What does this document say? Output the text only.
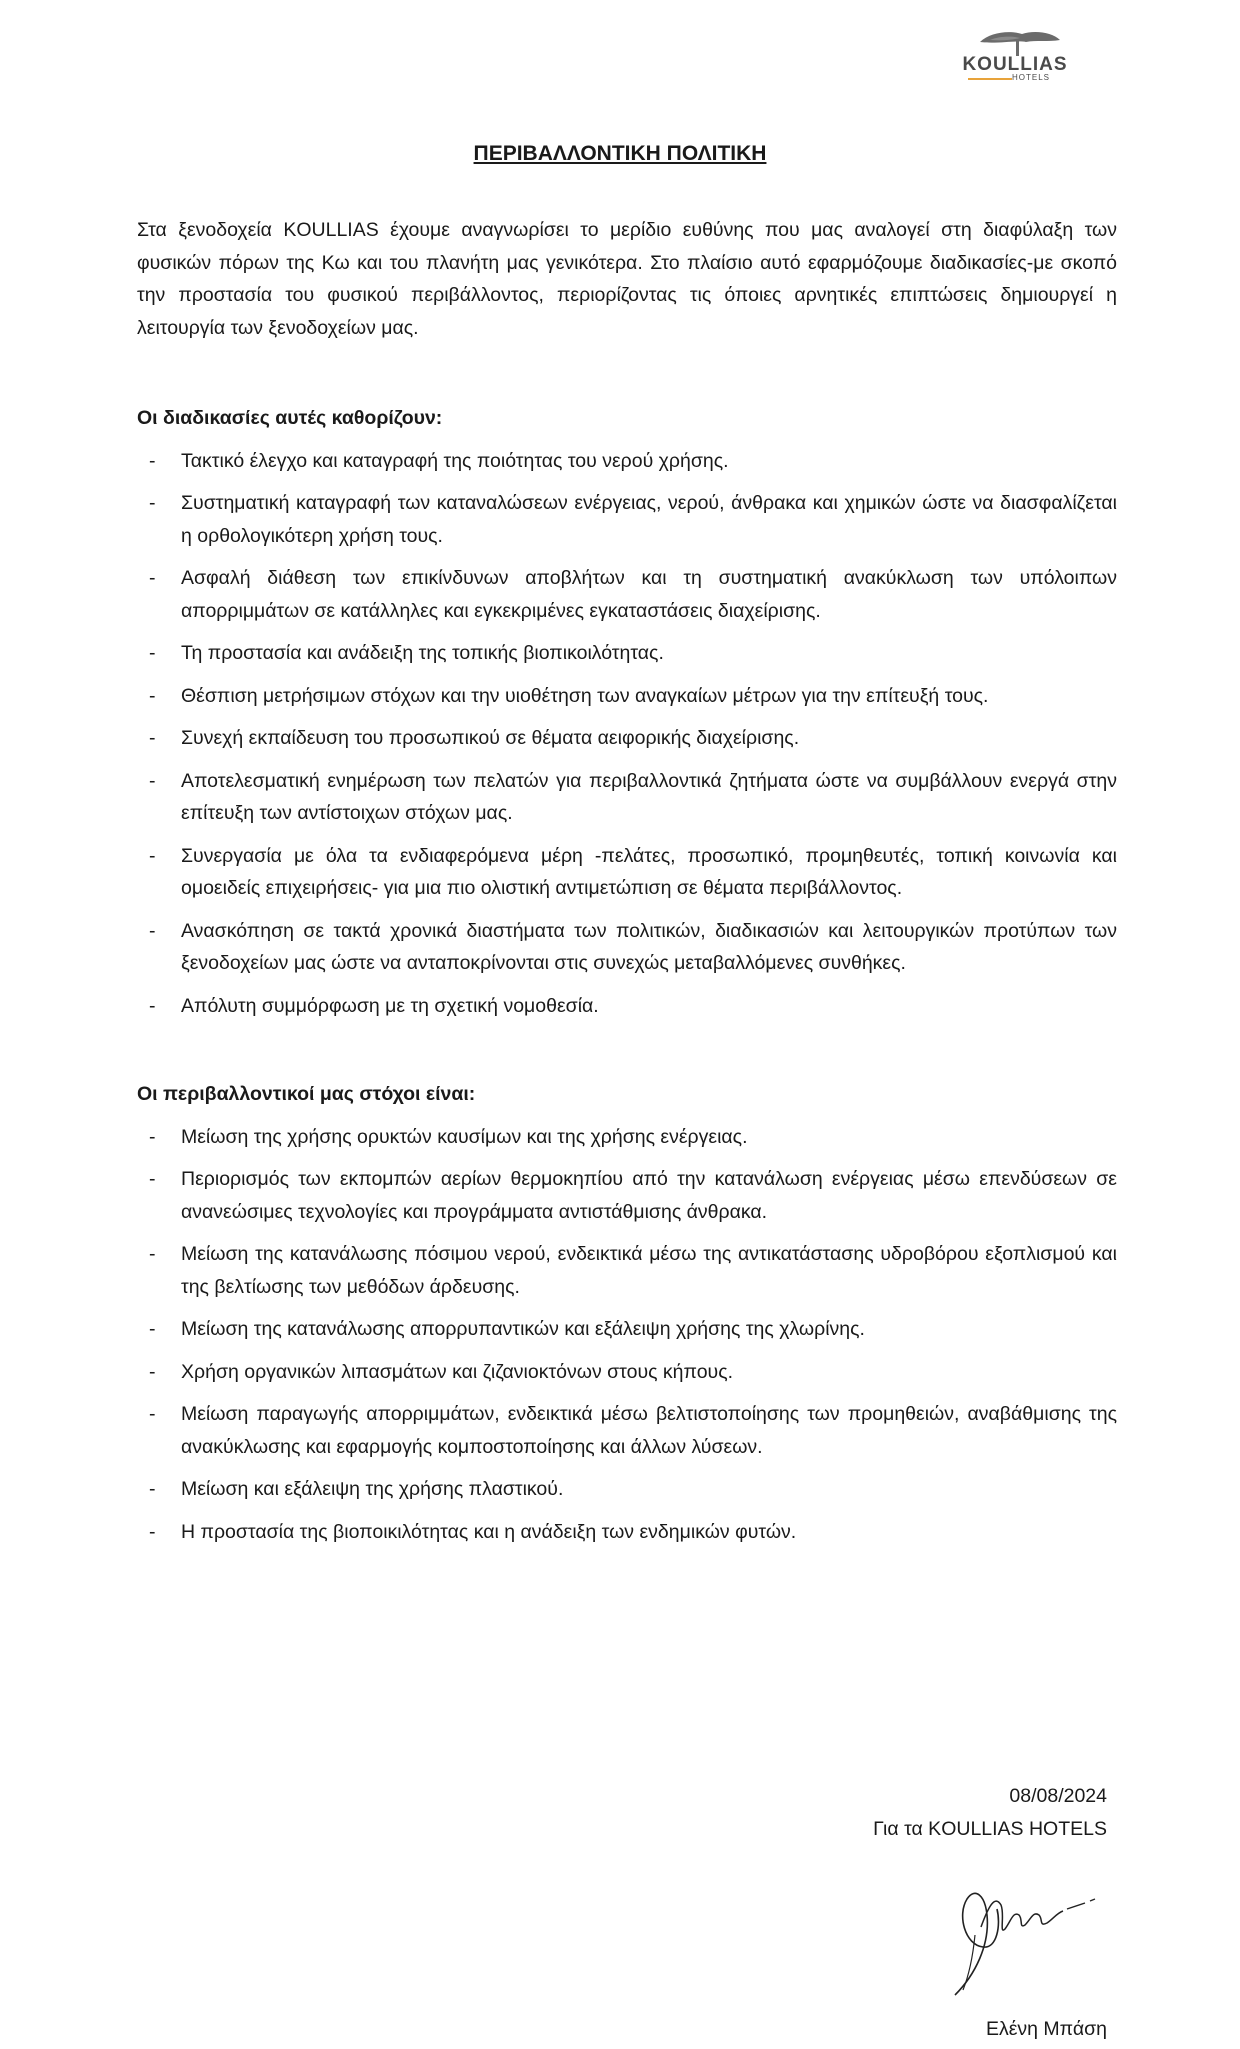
KOULLIAS
HOTELS
ΠΕΡΙΒΑΛΛΟΝΤΙΚΗ ΠΟΛΙΤΙΚΗ

Στα ξενοδοχεία KOULLIAS έχουμε αναγνωρίσει το μερίδιο ευθύνης που μας αναλογεί στη διαφύλαξη των φυσικών πόρων της Κω και του πλανήτη μας γενικότερα. Στο πλαίσιο αυτό εφαρμόζουμε διαδικασίες-με σκοπό την προστασία του φυσικού περιβάλλοντος, περιορίζοντας τις όποιες αρνητικές επιπτώσεις δημιουργεί η λειτουργία των ξενοδοχείων μας.

Οι διαδικασίες αυτές καθορίζουν:
- Τακτικό έλεγχο και καταγραφή της ποιότητας του νερού χρήσης.
- Συστηματική καταγραφή των καταναλώσεων ενέργειας, νερού, άνθρακα και χημικών ώστε να διασφαλίζεται η ορθολογικότερη χρήση τους.
- Ασφαλή διάθεση των επικίνδυνων αποβλήτων και τη συστηματική ανακύκλωση των υπόλοιπων απορριμμάτων σε κατάλληλες και εγκεκριμένες εγκαταστάσεις διαχείρισης.
- Τη προστασία και ανάδειξη της τοπικής βιοπικοιλότητας.
- Θέσπιση μετρήσιμων στόχων και την υιοθέτηση των αναγκαίων μέτρων για την επίτευξή τους.
- Συνεχή εκπαίδευση του προσωπικού σε θέματα αειφορικής διαχείρισης.
- Αποτελεσματική ενημέρωση των πελατών για περιβαλλοντικά ζητήματα ώστε να συμβάλλουν ενεργά στην επίτευξη των αντίστοιχων στόχων μας.
- Συνεργασία με όλα τα ενδιαφερόμενα μέρη -πελάτες, προσωπικό, προμηθευτές, τοπική κοινωνία και ομοειδείς επιχειρήσεις- για μια πιο ολιστική αντιμετώπιση σε θέματα περιβάλλοντος.
- Ανασκόπηση σε τακτά χρονικά διαστήματα των πολιτικών, διαδικασιών και λειτουργικών προτύπων των ξενοδοχείων μας ώστε να ανταποκρίνονται στις συνεχώς μεταβαλλόμενες συνθήκες.
- Απόλυτη συμμόρφωση με τη σχετική νομοθεσία.
Οι περιβαλλοντικοί μας στόχοι είναι:
- Μείωση της χρήσης ορυκτών καυσίμων και της χρήσης ενέργειας.
- Περιορισμός των εκπομπών αερίων θερμοκηπίου από την κατανάλωση ενέργειας μέσω επενδύσεων σε ανανεώσιμες τεχνολογίες και προγράμματα αντιστάθμισης άνθρακα.
- Μείωση της κατανάλωσης πόσιμου νερού, ενδεικτικά μέσω της αντικατάστασης υδροβόρου εξοπλισμού και της βελτίωσης των μεθόδων άρδευσης.
- Μείωση της κατανάλωσης απορρυπαντικών και εξάλειψη χρήσης της χλωρίνης.
- Χρήση οργανικών λιπασμάτων και ζιζανιοκτόνων στους κήπους.
- Μείωση παραγωγής απορριμμάτων, ενδεικτικά μέσω βελτιστοποίησης των προμηθειών, αναβάθμισης της ανακύκλωσης και εφαρμογής κομποστοποίησης και άλλων λύσεων.
- Μείωση και εξάλειψη της χρήσης πλαστικού.
- Η προστασία της βιοποικιλότητας και η ανάδειξη των ενδημικών φυτών.
08/08/2024
Για τα KOULLIAS HOTELS
Ελένη Μπάση
